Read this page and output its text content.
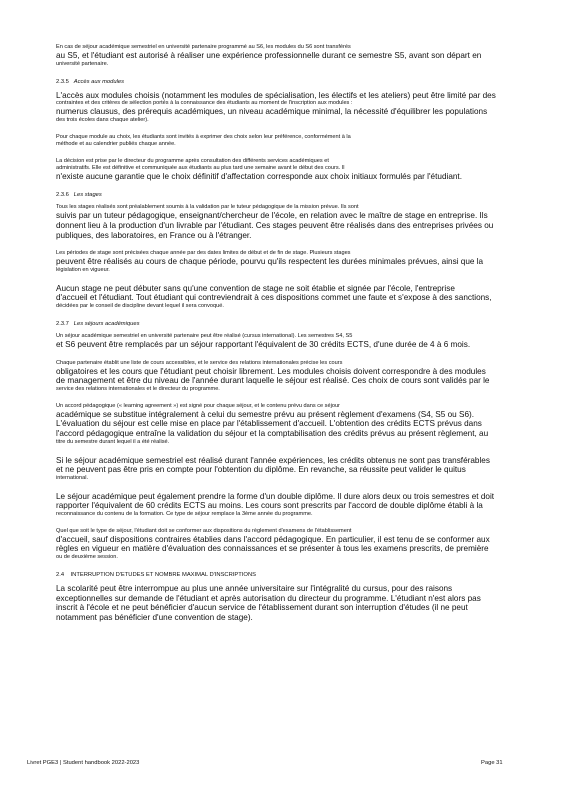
En cas de séjour académique semestriel en université partenaire programmé au S6, les modules du S6 sont transférés

au S5, et l'étudiant est autorisé à réaliser une expérience professionnelle durant ce semestre S5, avant son départ en

université partenaire.

2.3.5 Accès aux modules

L'accès aux modules choisis (notamment les modules de spécialisation, les électifs et les ateliers) peut être limité par des

contraintes et des critères de sélection portés à la connaissance des étudiants au moment de l'inscription aux modules :

numerus clausus, des prérequis académiques, un niveau académique minimal, la nécessité d'équilibrer les populations

des trois écoles dans chaque atelier).

Pour chaque module au choix, les étudiants sont invités à exprimer des choix selon leur préférence, conformément à la

méthode et au calendrier publiés chaque année.

La décision est prise par le directeur du programme après consultation des différents services académiques et

administratifs. Elle est définitive et communiquée aux étudiants au plus tard une semaine avant le début des cours. Il

n'existe aucune garantie que le choix définitif d'affectation corresponde aux choix initiaux formulés par l'étudiant.

2.3.6 Les stages

Tous les stages réalisés sont préalablement soumis à la validation par le tuteur pédagogique de la mission prévue. Ils sont

suivis par un tuteur pédagogique, enseignant/chercheur de l'école, en relation avec le maître de stage en entreprise. Ils

donnent lieu à la production d'un livrable par l'étudiant. Ces stages peuvent être réalisés dans des entreprises privées ou

publiques, des laboratoires, en France ou à l'étranger.

Les périodes de stage sont précisées chaque année par des dates limites de début et de fin de stage. Plusieurs stages

peuvent être réalisés au cours de chaque période, pourvu qu'ils respectent les durées minimales prévues, ainsi que la

législation en vigueur.

Aucun stage ne peut débuter sans qu'une convention de stage ne soit établie et signée par l'école, l'entreprise

d'accueil et l'étudiant. Tout étudiant qui contreviendrait à ces dispositions commet une faute et s'expose à des sanctions,

décidées par le conseil de discipline devant lequel il sera convoqué.

2.3.7 Les séjours académiques

Un séjour académique semestriel en université partenaire peut être réalisé (cursus international). Les semestres S4, S5

et S6 peuvent être remplacés par un séjour rapportant l'équivalent de 30 crédits ECTS, d'une durée de 4 à 6 mois.

Chaque partenaire établit une liste de cours accessibles, et le service des relations internationales précise les cours

obligatoires et les cours que l'étudiant peut choisir librement. Les modules choisis doivent correspondre à des modules

de management et être du niveau de l'année durant laquelle le séjour est réalisé. Ces choix de cours sont validés par le

service des relations internationales et le directeur du programme.

Un accord pédagogique (« learning agreement ») est signé pour chaque séjour, et le contenu prévu dans ce séjour

académique se substitue intégralement à celui du semestre prévu au présent règlement d'examens (S4, S5 ou S6).

L'évaluation du séjour est celle mise en place par l'établissement d'accueil. L'obtention des crédits ECTS prévus dans

l'accord pédagogique entraîne la validation du séjour et la comptabilisation des crédits prévus au présent règlement, au

titre du semestre durant lequel il a été réalisé.

Si le séjour académique semestriel est réalisé durant l'année expériences, les crédits obtenus ne sont pas transférables

et ne peuvent pas être pris en compte pour l'obtention du diplôme. En revanche, sa réussite peut valider le quitus

international.

Le séjour académique peut également prendre la forme d'un double diplôme. Il dure alors deux ou trois semestres et doit

rapporter l'équivalent de 60 crédits ECTS au moins. Les cours sont prescrits par l'accord de double diplôme établi à la

reconnaissance du contenu de la formation. Ce type de séjour remplace la 3ème année du programme.

Quel que soit le type de séjour, l'étudiant doit se conformer aux dispositions du règlement d'examens de l'établissement

d'accueil, sauf dispositions contraires établies dans l'accord pédagogique. En particulier, il est tenu de se conformer aux

règles en vigueur en matière d'évaluation des connaissances et se présenter à tous les examens prescrits, de première

ou de deuxième session.

2.4 INTERRUPTION D'ETUDES ET NOMBRE MAXIMAL D'INSCRIPTIONS

La scolarité peut être interrompue au plus une année universitaire sur l'intégralité du cursus, pour des raisons

exceptionnelles sur demande de l'étudiant et après autorisation du directeur du programme. L'étudiant n'est alors pas

inscrit à l'école et ne peut bénéficier d'aucun service de l'établissement durant son interruption d'études (il ne peut

notamment pas bénéficier d'une convention de stage).

Livret PGE3 | Student handbook 2022-2023	Page 31
